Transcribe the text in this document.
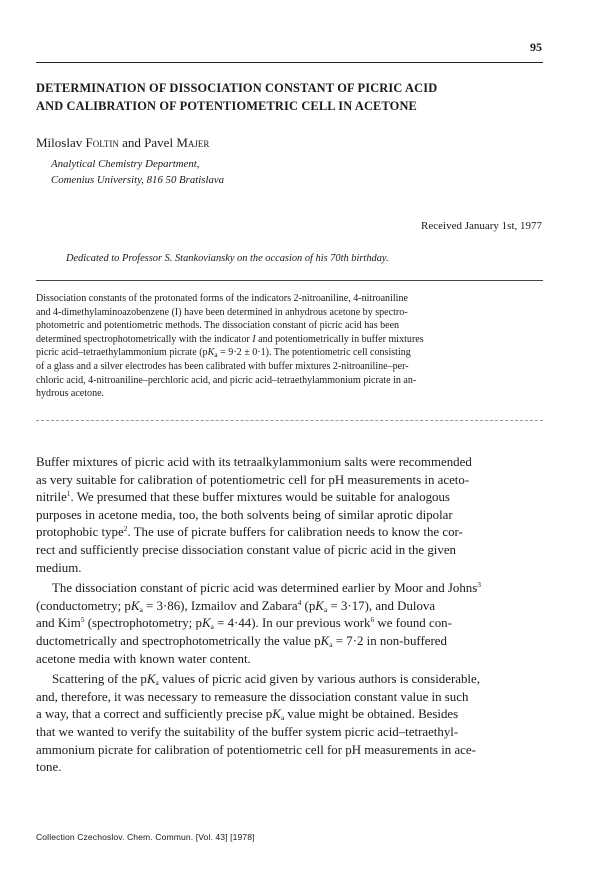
95
DETERMINATION OF DISSOCIATION CONSTANT OF PICRIC ACID
AND CALIBRATION OF POTENTIOMETRIC CELL IN ACETONE
Miloslav Foltin and Pavel Majer
Analytical Chemistry Department,
Comenius University, 816 50 Bratislava
Received January 1st, 1977
Dedicated to Professor S. Stankoviansky on the occasion of his 70th birthday.
Dissociation constants of the protonated forms of the indicators 2-nitroaniline, 4-nitroaniline
and 4-dimethylaminoazobenzene (I) have been determined in anhydrous acetone by spectro-
photometric and potentiometric methods. The dissociation constant of picric acid has been
determined spectrophotometrically with the indicator I and potentiometrically in buffer mixtures
picric acid–tetraethylammonium picrate $(pK_a = 9\cdot 2 \pm 0\cdot 1)$. The potentiometric cell consisting
of a glass and a silver electrodes has been calibrated with buffer mixtures 2-nitroaniline–per-
chloric acid, 4-nitroaniline–perchloric acid, and picric acid–tetraethylammonium picrate in an-
hydrous acetone.
Buffer mixtures of picric acid with its tetraalkylammonium salts were recommended
as very suitable for calibration of potentiometric cell for pH measurements in aceto-
nitrile$^1$. We presumed that these buffer mixtures would be suitable for analogous
purposes in acetone media, too, the both solvents being of similar aprotic dipolar
protophobic type$^2$. The use of picrate buffers for calibration needs to know the cor-
rect and sufficiently precise dissociation constant value of picric acid in the given
medium.
The dissociation constant of picric acid was determined earlier by Moor and Johns$^3$
(conductometry; $pK_a = 3\cdot 86$), Izmailov and Zabara$^4$ $(pK_a = 3\cdot 17)$, and Dulova
and Kim$^5$ (spectrophotometry; $pK_a = 4\cdot 44$). In our previous work$^6$ we found con-
ductometrically and spectrophotometrically the value $pK_a = 7\cdot 2$ in non-buffered
acetone media with known water content.
Scattering of the $pK_a$ values of picric acid given by various authors is considerable,
and, therefore, it was necessary to remeasure the dissociation constant value in such
a way, that a correct and sufficiently precise $pK_a$ value might be obtained. Besides
that we wanted to verify the suitability of the buffer system picric acid–tetraethyl-
ammonium picrate for calibration of potentiometric cell for pH measurements in ace-
tone.
Collection Czechoslov. Chem. Commun. [Vol. 43] [1978]
